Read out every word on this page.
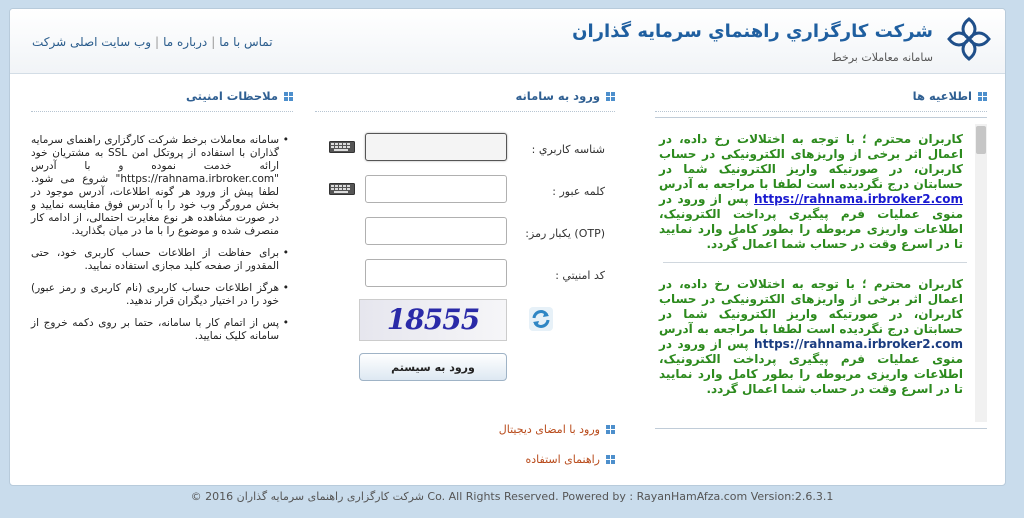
شرکت کارگزاري راهنماي سرمايه گذاران
سامانه معاملات برخط
تماس با ما|درباره ما|وب سایت اصلی شرکت
اطلاعیه ها
کاربران محترم ؛ با توجه به اختلالات رخ داده، در اعمال اثر برخی از واریزهای الکترونیکی در حساب کاربران، در صورتیکه واریز الکترونیک شما در حسابتان درج نگردیده است لطفا با مراجعه به آدرس https://rahnama.irbroker2.com پس از ورود در منوی عملیات فرم پیگیری پرداخت الکترونیک، اطلاعات واریزی مربوطه را بطور کامل وارد نمایید تا در اسرع وقت در حساب شما اعمال گردد.
کاربران محترم ؛ با توجه به اختلالات رخ داده، در اعمال اثر برخی از واریزهای الکترونیکی در حساب کاربران، در صورتیکه واریز الکترونیک شما در حسابتان درج نگردیده است لطفا با مراجعه به آدرس https://rahnama.irbroker2.com پس از ورود در منوی عملیات فرم پیگیری پرداخت الکترونیک، اطلاعات واریزی مربوطه را بطور کامل وارد نمایید تا در اسرع وقت در حساب شما اعمال گردد.
ورود به سامانه
شناسه کاربري :
کلمه عبور :
(OTP) یکبار رمز:
کد امنيتي :
18555
ورود به سیستم
ورود با امضای دیجیتال
راهنمای استفاده
ملاحظات امنیتی
• سامانه معاملات برخط شرکت کارگزاری راهنمای سرمایه گذاران با استفاده از پروتکل امن SSL به مشتریان خود ارائه خدمت نموده و با آدرس "https://rahnama.irbroker.com" شروع می شود. لطفا پیش از ورود هر گونه اطلاعات، آدرس موجود در بخش مرورگر وب خود را با آدرس فوق مقایسه نمایید و در صورت مشاهده هر نوع مغایرت احتمالی، از ادامه کار منصرف شده و موضوع را با ما در میان بگذارید.
• برای حفاظت از اطلاعات حساب کاربری خود، حتی المقدور از صفحه کلید مجازی استفاده نمایید.
• هرگز اطلاعات حساب کاربری (نام کاربری و رمز عبور) خود را در اختیار دیگران قرار ندهید.
• پس از اتمام کار با سامانه، حتما بر روی دکمه خروج از سامانه کلیک نمایید.
© 2016 شرکت کارگزاری راهنمای سرمایه گذاران Co. All Rights Reserved. Powered by : RayanHamAfza.com Version:2.6.3.1
